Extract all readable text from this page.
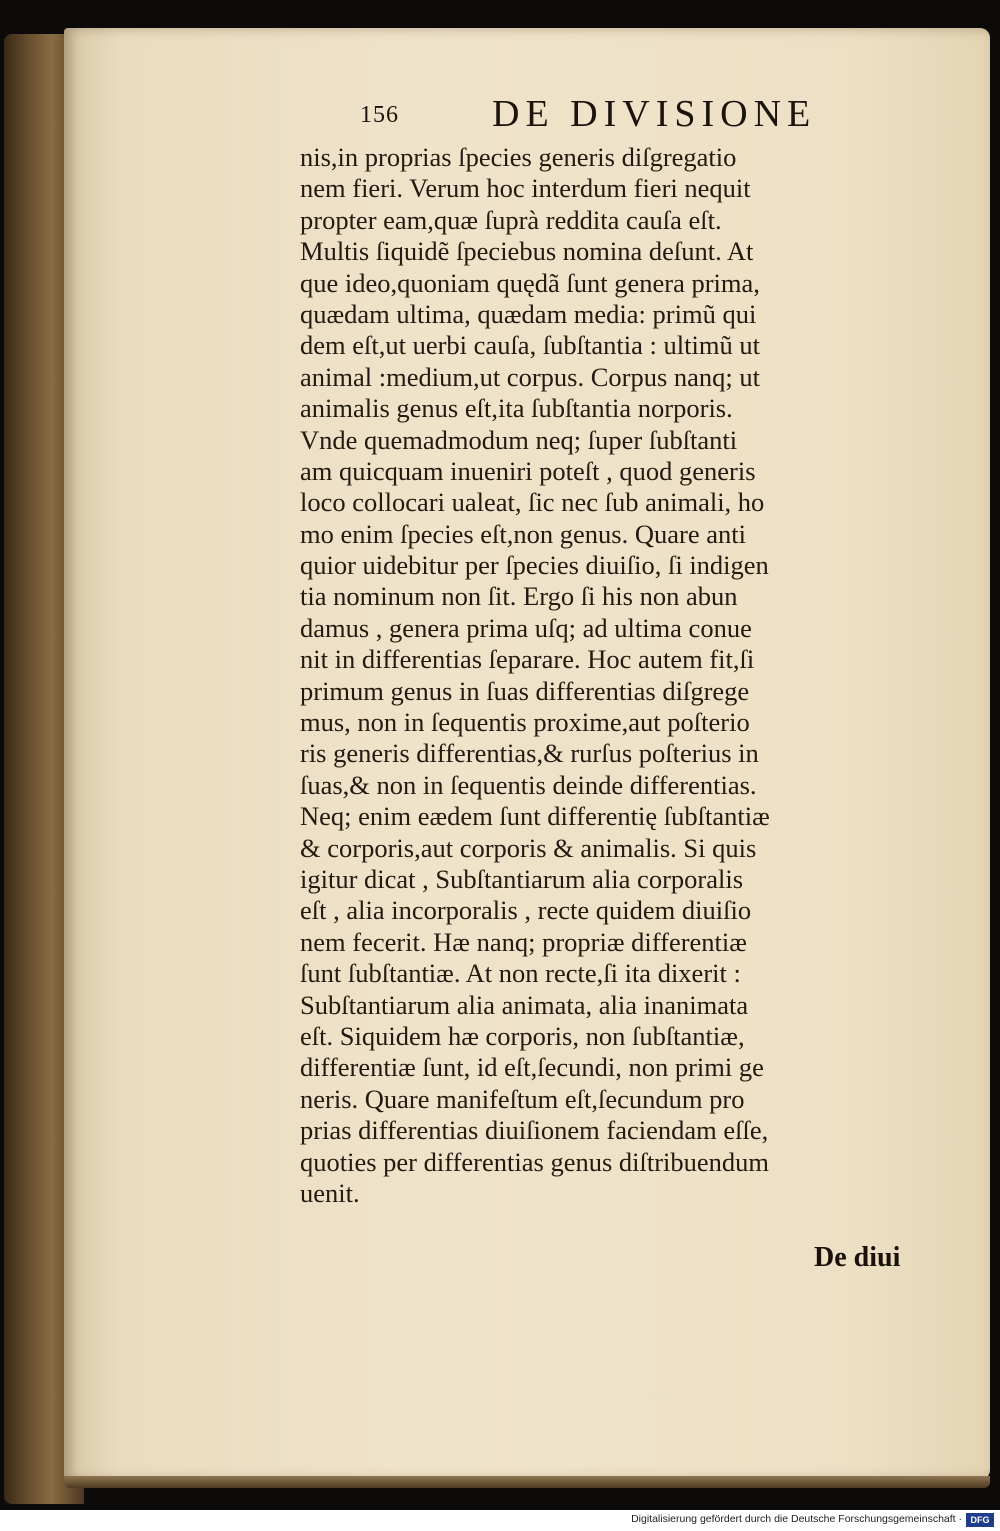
156 DE DIVISIONE
nis,in proprias ſpecies generis diſgregatio
nem fieri. Verum hoc interdum fieri nequit
propter eam,quæ ſuprà reddita cauſa eſt.
Multis ſiquidẽ ſpeciebus nomina deſunt. At
que ideo,quoniam quędã ſunt genera prima,
quædam ultima, quædam media: primũ qui
dem eſt,ut uerbi cauſa, ſubſtantia : ultimũ ut
animal :medium,ut corpus. Corpus nanq; ut
animalis genus eſt,ita ſubſtantia norporis.
Vnde quemadmodum neq; ſuper ſubſtanti
am quicquam inueniri poteſt , quod generis
loco collocari ualeat, ſic nec ſub animali, ho
mo enim ſpecies eſt,non genus. Quare anti
quior uidebitur per ſpecies diuiſio, ſi indigen
tia nominum non ſit. Ergo ſi his non abun
damus , genera prima uſq; ad ultima conue
nit in differentias ſeparare. Hoc autem fit,ſi
primum genus in ſuas differentias diſgrege
mus, non in ſequentis proxime,aut poſterio
ris generis differentias,& rurſus poſterius in
ſuas,& non in ſequentis deinde differentias.
Neq; enim eædem ſunt differentię ſubſtantiæ
& corporis,aut corporis & animalis. Si quis
igitur dicat , Subſtantiarum alia corporalis
eſt , alia incorporalis , recte quidem diuiſio
nem fecerit. Hæ nanq; propriæ differentiæ
ſunt ſubſtantiæ. At non recte,ſi ita dixerit :
Subſtantiarum alia animata, alia inanimata
eſt. Siquidem hæ corporis, non ſubſtantiæ,
differentiæ ſunt, id eſt,ſecundi, non primi ge
neris. Quare manifeſtum eſt,ſecundum pro
prias differentias diuiſionem faciendam eſſe,
quoties per differentias genus diſtribuendum
uenit.
De diui
Digitalisierung gefördert durch die Deutsche Forschungsgemeinschaft · DFG
